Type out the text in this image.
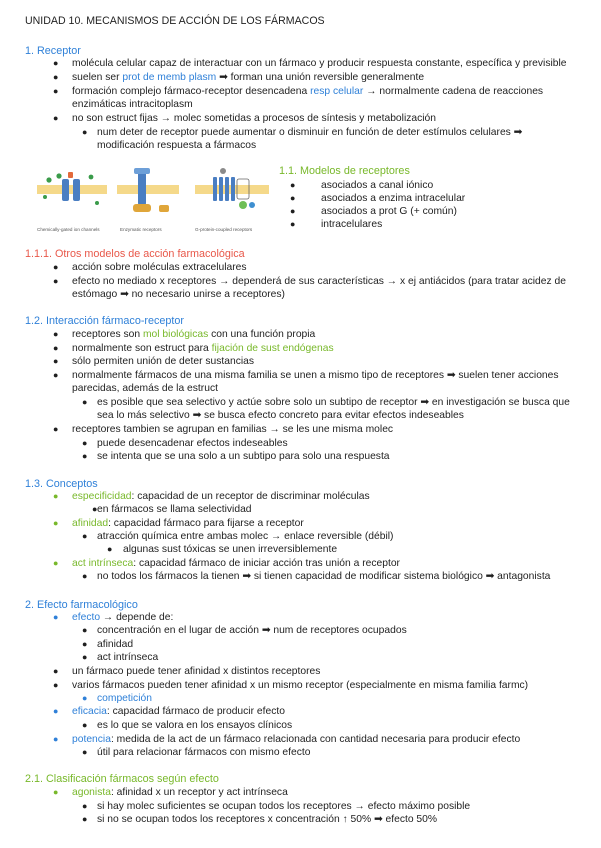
UNIDAD 10. MECANISMOS DE ACCIÓN DE LOS FÁRMACOS
1. Receptor
● molécula celular capaz de interactuar con un fármaco y producir respuesta constante, específica y previsible
● suelen ser prot de memb plasm ➡ forman una unión reversible generalmente
● formación complejo fármaco-receptor desencadena resp celular → normalmente cadena de reacciones
enzimáticas intracitoplasm
● no son estruct fijas → molec sometidas a procesos de síntesis y metabolización
● num deter de receptor puede aumentar o disminuir en función de deter estímulos celulares ➡
modificación respuesta a fármacos
Chemically-gated ion channels	Enzymatic receptors	G-protein-coupled receptors
1.1. Modelos de receptores
● asociados a canal iónico
● asociados a enzima intracelular
● asociados a prot G (+ común)
● intracelulares
1.1.1. Otros modelos de acción farmacológica
● acción sobre moléculas extracelulares
● efecto no mediado x receptores → dependerá de sus características → x ej antiácidos (para tratar acidez de
estómago ➡ no necesario unirse a receptores)
1.2. Interacción fármaco-receptor
● receptores son mol biológicas con una función propia
● normalmente son estruct para fijación de sust endógenas
● sólo permiten unión de deter sustancias
● normalmente fármacos de una misma familia se unen a mismo tipo de receptores ➡ suelen tener acciones
parecidas, además de la estruct
● es posible que sea selectivo y actúe sobre solo un subtipo de receptor ➡ en investigación se busca que
sea lo más selectivo ➡ se busca efecto concreto para evitar efectos indeseables
● receptores tambien se agrupan en familias → se les une misma molec
● puede desencadenar efectos indeseables
● se intenta que se una solo a un subtipo para solo una respuesta
1.3. Conceptos
● especificidad: capacidad de un receptor de discriminar moléculas
● en fármacos se llama selectividad
● afinidad: capacidad fármaco para fijarse a receptor
● atracción química entre ambas molec → enlace reversible (débil)
● algunas sust tóxicas se unen irreversiblemente
● act intrínseca: capacidad fármaco de iniciar acción tras unión a receptor
● no todos los fármacos la tienen ➡ si tienen capacidad de modificar sistema biológico ➡ antagonista
2. Efecto farmacológico
● efecto → depende de:
● concentración en el lugar de acción ➡ num de receptores ocupados
● afinidad
● act intrínseca
● un fármaco puede tener afinidad x distintos receptores
● varios fármacos pueden tener afinidad x un mismo receptor (especialmente en misma familia farmc)
● competición
● eficacia: capacidad fármaco de producir efecto
● es lo que se valora en los ensayos clínicos
● potencia: medida de la act de un fármaco relacionada con cantidad necesaria para producir efecto
● útil para relacionar fármacos con mismo efecto
2.1. Clasificación fármacos según efecto
● agonista: afinidad x un receptor y act intrínseca
● si hay molec suficientes se ocupan todos los receptores → efecto máximo posible
● si no se ocupan todos los receptores x concentración ↑ 50% ➡ efecto 50%
